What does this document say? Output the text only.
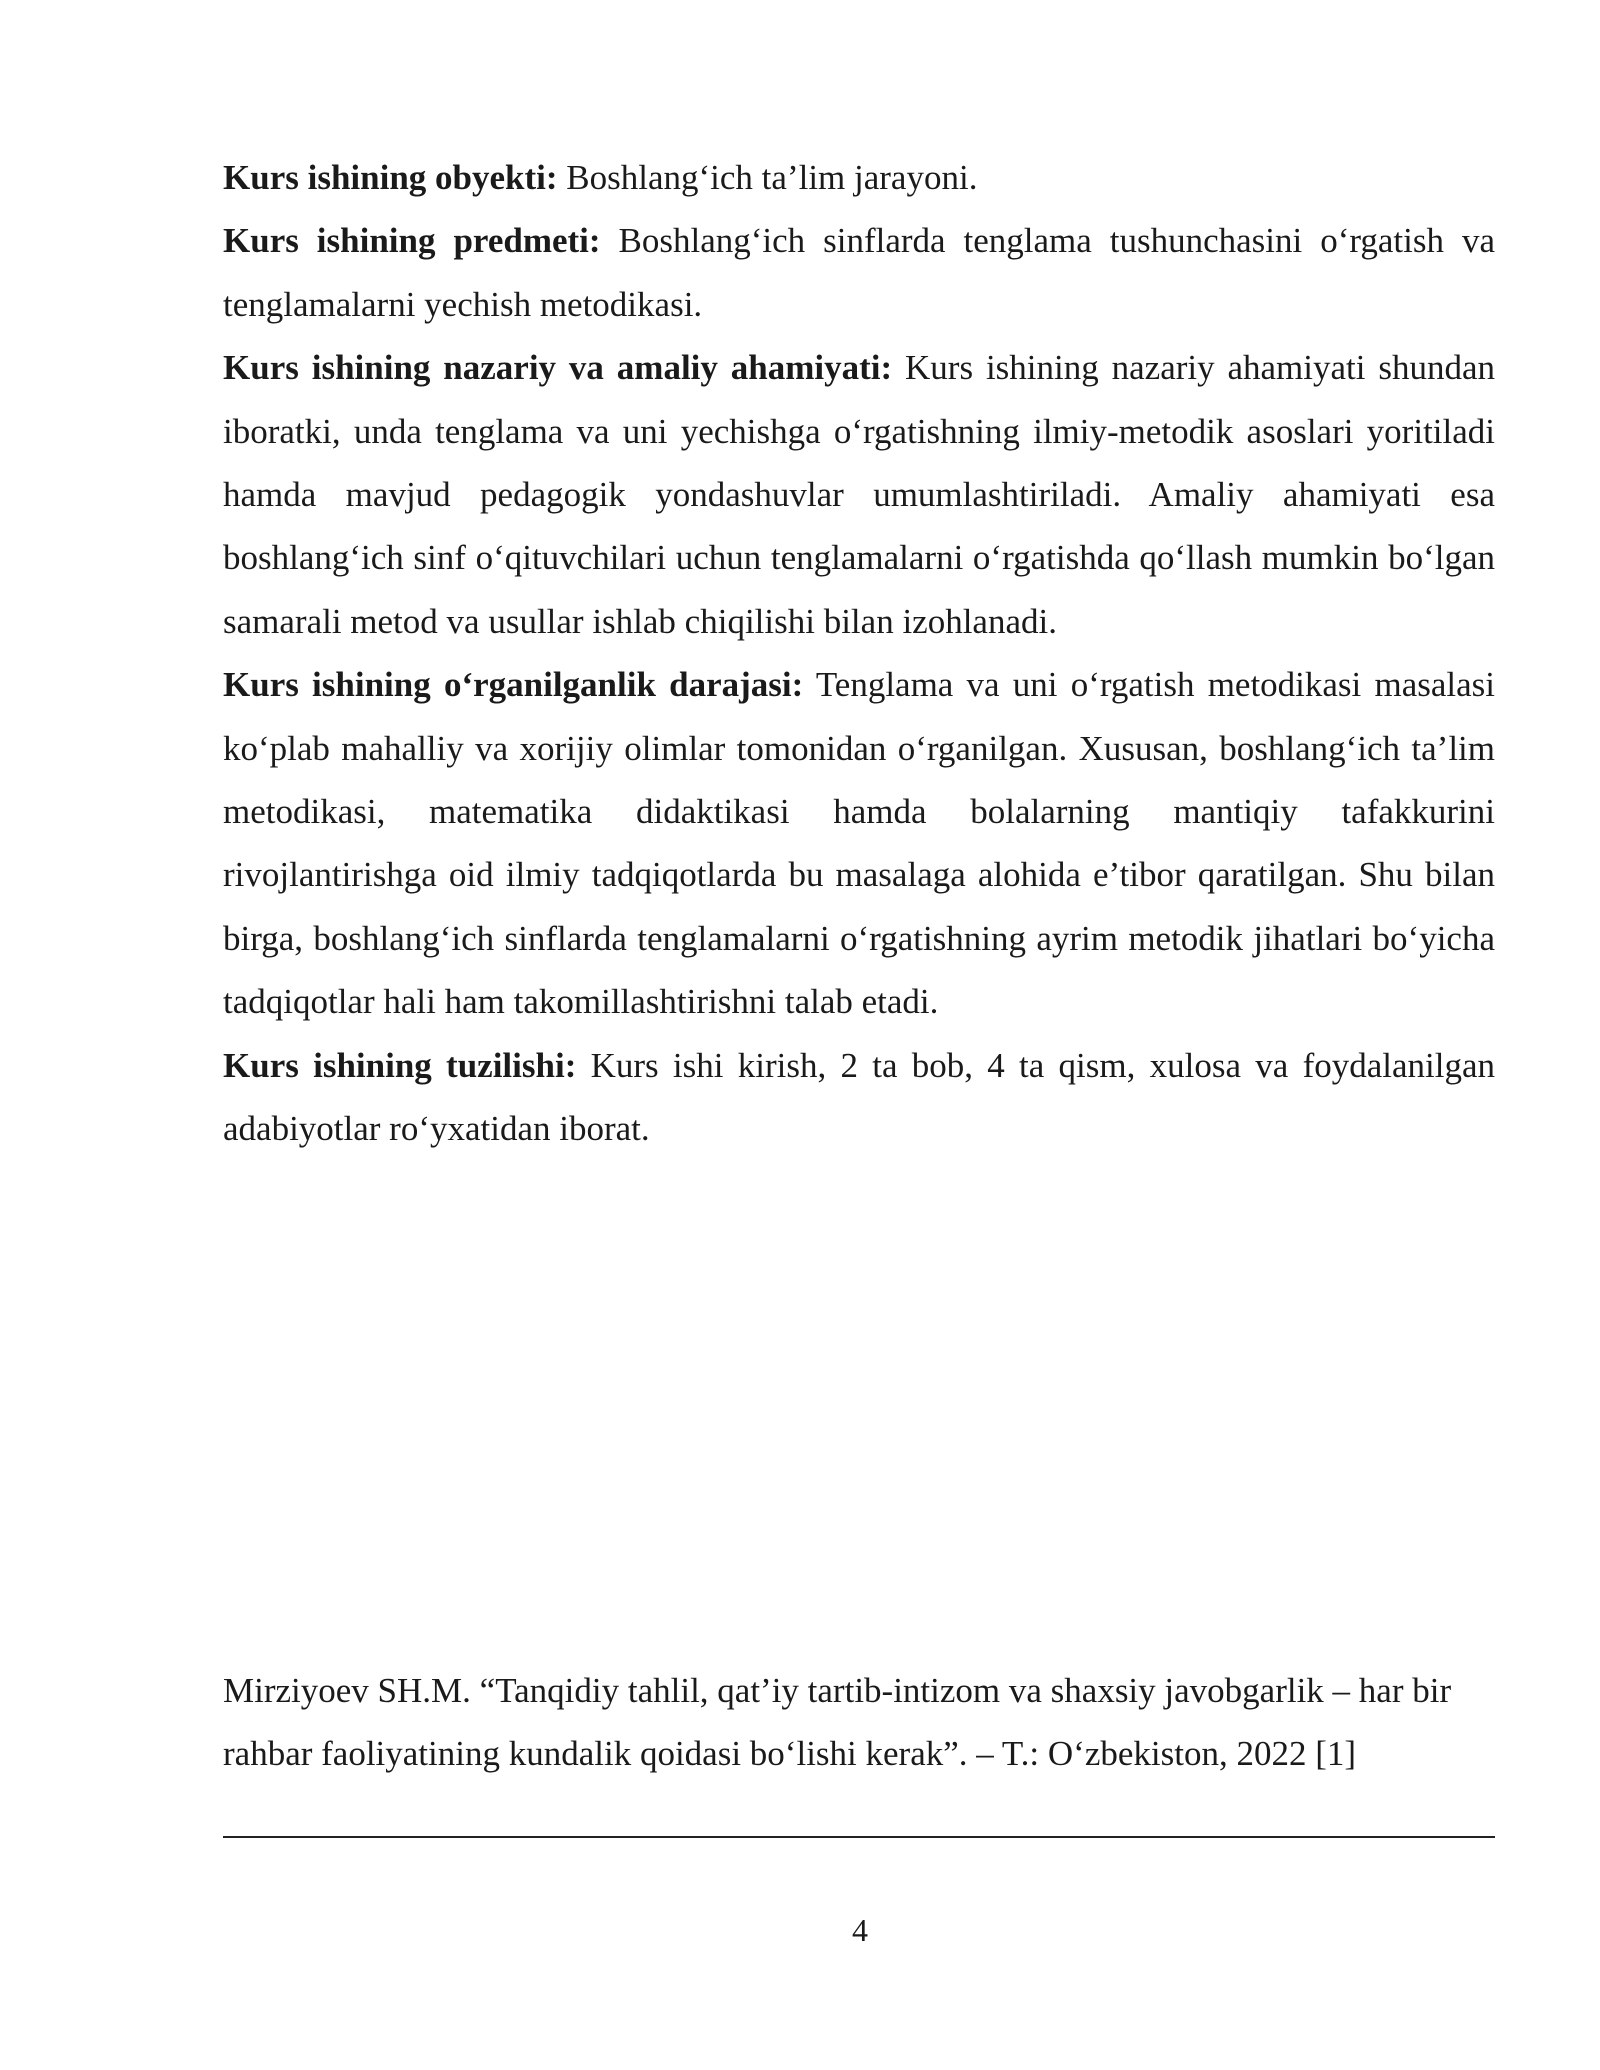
Kurs ishining obyekti: Boshlang‘ich ta’lim jarayoni.

Kurs ishining predmeti: Boshlang‘ich sinflarda tenglama tushunchasini o‘rgatish va tenglamalarni yechish metodikasi.

Kurs ishining nazariy va amaliy ahamiyati: Kurs ishining nazariy ahamiyati shundan iboratki, unda tenglama va uni yechishga o‘rgatishning ilmiy-metodik asoslari yoritiladi hamda mavjud pedagogik yondashuvlar umumlashtiriladi. Amaliy ahamiyati esa boshlang‘ich sinf o‘qituvchilari uchun tenglamalarni o‘rgatishda qo‘llash mumkin bo‘lgan samarali metod va usullar ishlab chiqilishi bilan izohlanadi.

Kurs ishining o‘rganilganlik darajasi: Tenglama va uni o‘rgatish metodikasi masalasi ko‘plab mahalliy va xorijiy olimlar tomonidan o‘rganilgan. Xususan, boshlang‘ich ta’lim metodikasi, matematika didaktikasi hamda bolalarning mantiqiy tafakkurini rivojlantirishga oid ilmiy tadqiqotlarda bu masalaga alohida e’tibor qaratilgan. Shu bilan birga, boshlang‘ich sinflarda tenglamalarni o‘rgatishning ayrim metodik jihatlari bo‘yicha tadqiqotlar hali ham takomillashtirishni talab etadi.

Kurs ishining tuzilishi: Kurs ishi kirish, 2 ta bob, 4 ta qism, xulosa va foydalanilgan adabiyotlar ro‘yxatidan iborat.

Mirziyoev SH.M. “Tanqidiy tahlil, qat’iy tartib-intizom va shaxsiy javobgarlik – har bir rahbar faoliyatining kundalik qoidasi bo‘lishi kerak”. – T.: O‘zbekiston, 2022 [1]

4
